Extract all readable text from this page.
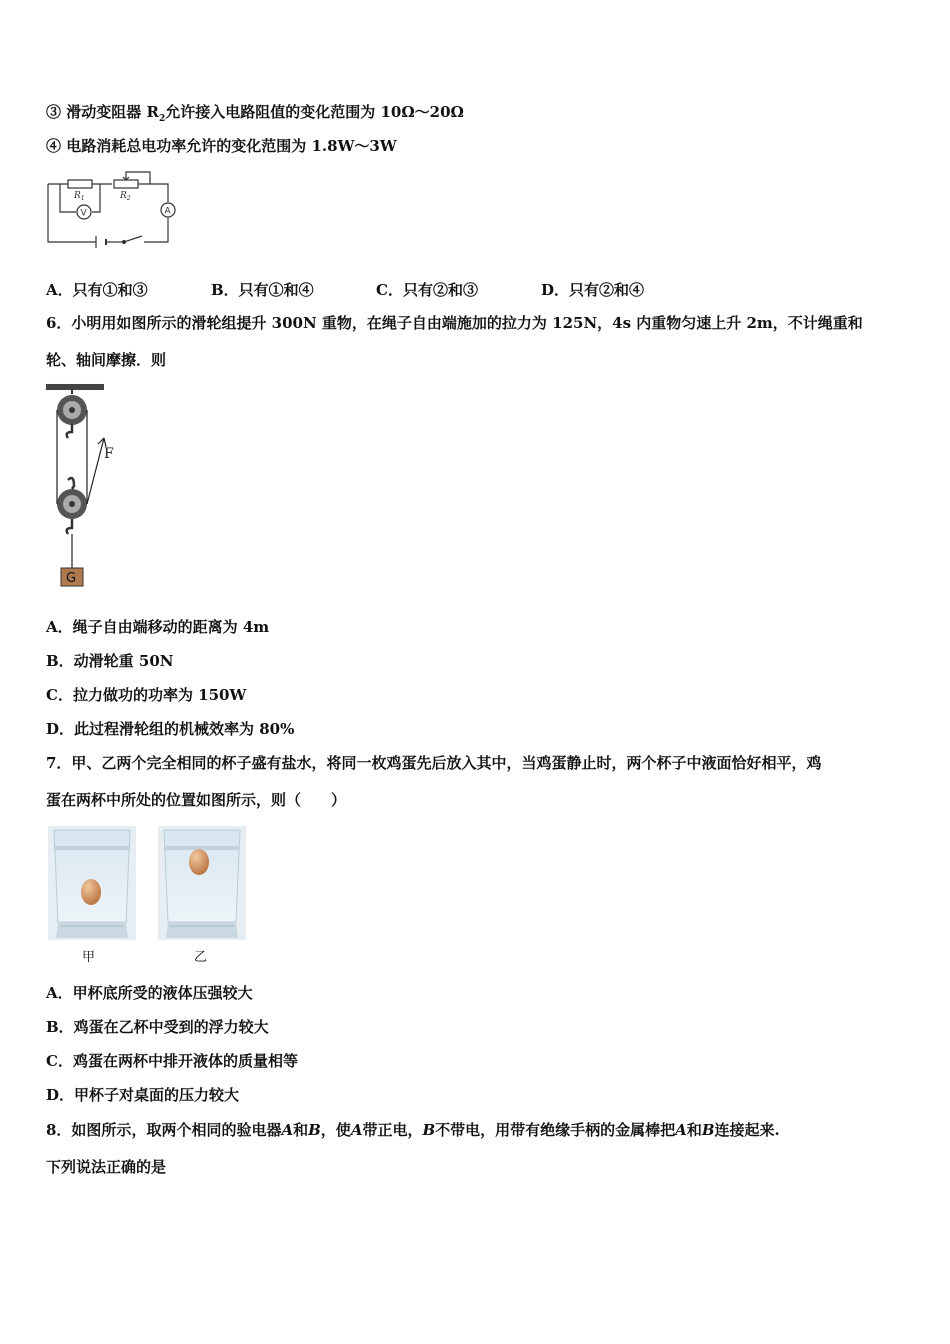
③ 滑动变阻器 $R_2$允许接入电路阻值的变化范围为 10Ω～20Ω
④ 电路消耗总电功率允许的变化范围为 1.8W～3W
$R_1$	$R_2$
V	A
A．只有①和③	B．只有①和④	C．只有②和③	D．只有②和④
6．小明用如图所示的滑轮组提升 300N 重物，在绳子自由端施加的拉力为 125N，4s 内重物匀速上升 2m，不计绳重和
轮、轴间摩擦．则
F
G
A．绳子自由端移动的距离为 4m
B．动滑轮重 50N
C．拉力做功的功率为 150W
D．此过程滑轮组的机械效率为 80%
7．甲、乙两个完全相同的杯子盛有盐水，将同一枚鸡蛋先后放入其中，当鸡蛋静止时，两个杯子中液面恰好相平，鸡
蛋在两杯中所处的位置如图所示，则（　　）
甲	乙
A．甲杯底所受的液体压强较大
B．鸡蛋在乙杯中受到的浮力较大
C．鸡蛋在两杯中排开液体的质量相等
D．甲杯子对桌面的压力较大
8．如图所示，取两个相同的验电器A和B，使A带正电，B不带电，用带有绝缘手柄的金属棒把A和B连接起来.
下列说法正确的是
